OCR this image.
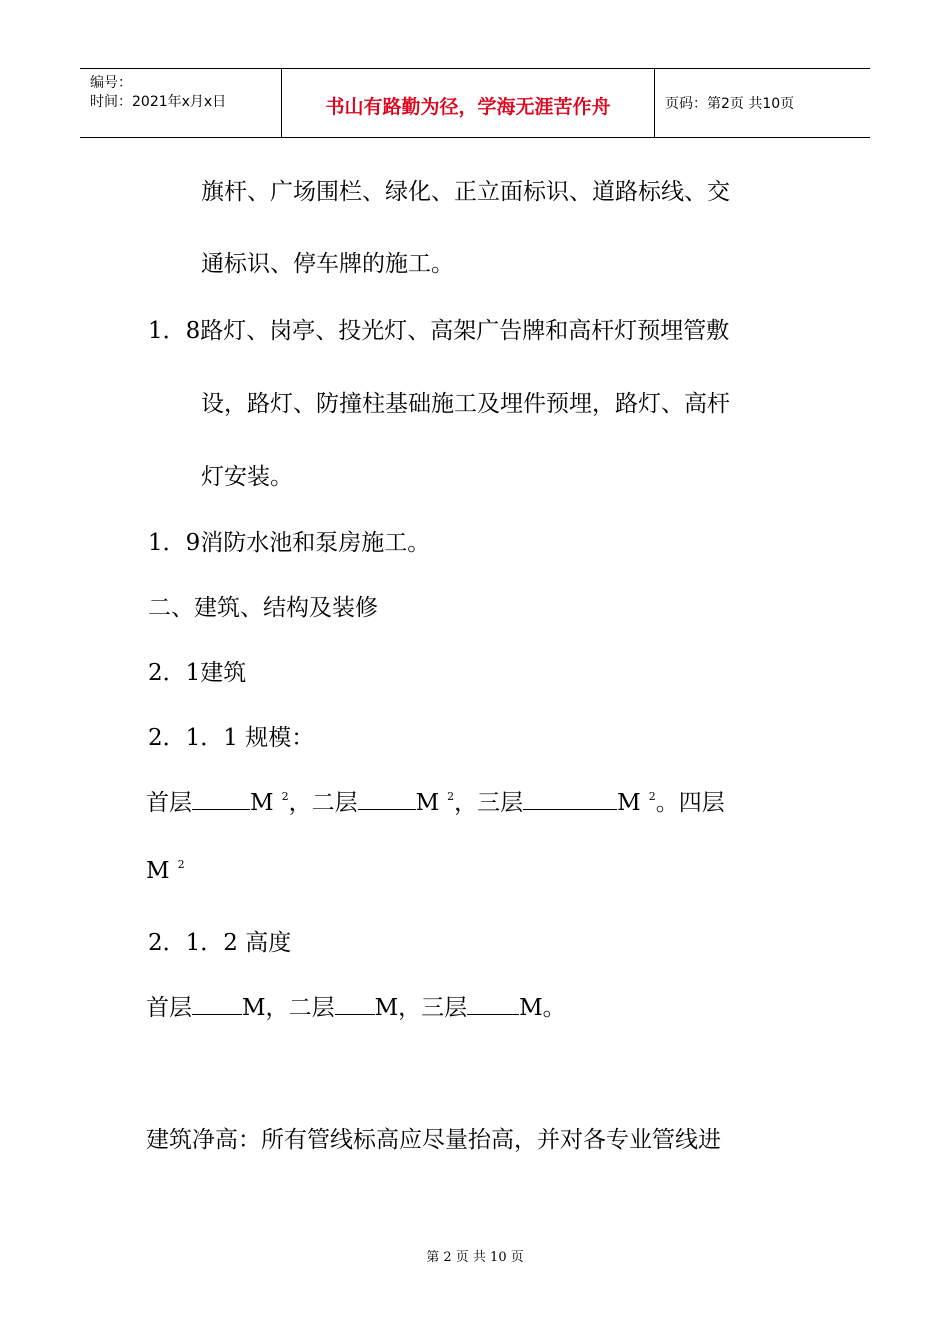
编号：
时间：2021年x月x日	书山有路勤为径，学海无涯苦作舟	页码：第2页 共10页
旗杆、广场围栏、绿化、正立面标识、道路标线、交
通标识、停车牌的施工。
1．8路灯、岗亭、投光灯、高架广告牌和高杆灯预埋管敷
设，路灯、防撞柱基础施工及埋件预埋，路灯、高杆
灯安装。
1．9消防水池和泵房施工。
二、建筑、结构及装修
2．1建筑
2．1．1 规模：
首层	M $^2$，二层	M $^2$，三层	M $^2$。四层
M $^2$
2．1．2 高度
首层 M，二层 M，三层 M。
建筑净高：所有管线标高应尽量抬高，并对各专业管线进
第 2 页 共 10 页
